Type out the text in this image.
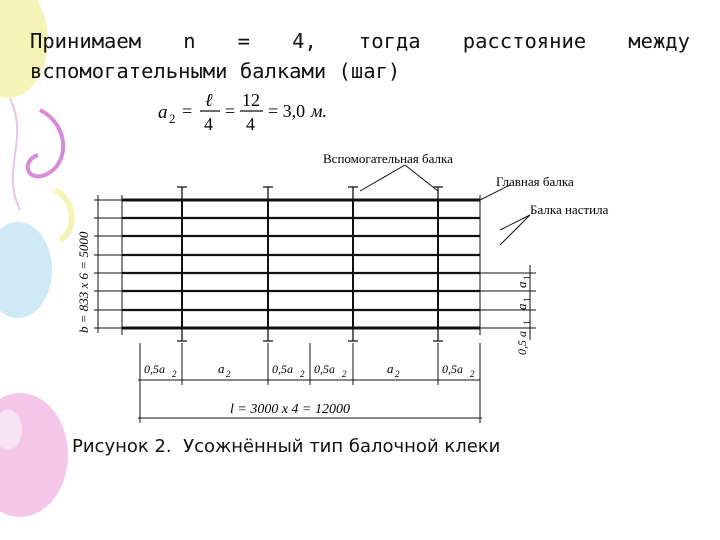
Принимаем n = 4, тогда расстояние между
вспомогательными балками (шаг)
a 2 =
ℓ
4
=
12
4
= 3,0 м.
Вспомогательная балка
Главная балка
Балка настила
b = 833 x 6 = 5000	a
1
a
1
0,5 a
1
0,5a 2	a 2	0,5a 2 0,5a 2	a 2	0,5a 2
l = 3000 x 4 = 12000
Рисунок 2.  Усожнённый тип балочной клеки
